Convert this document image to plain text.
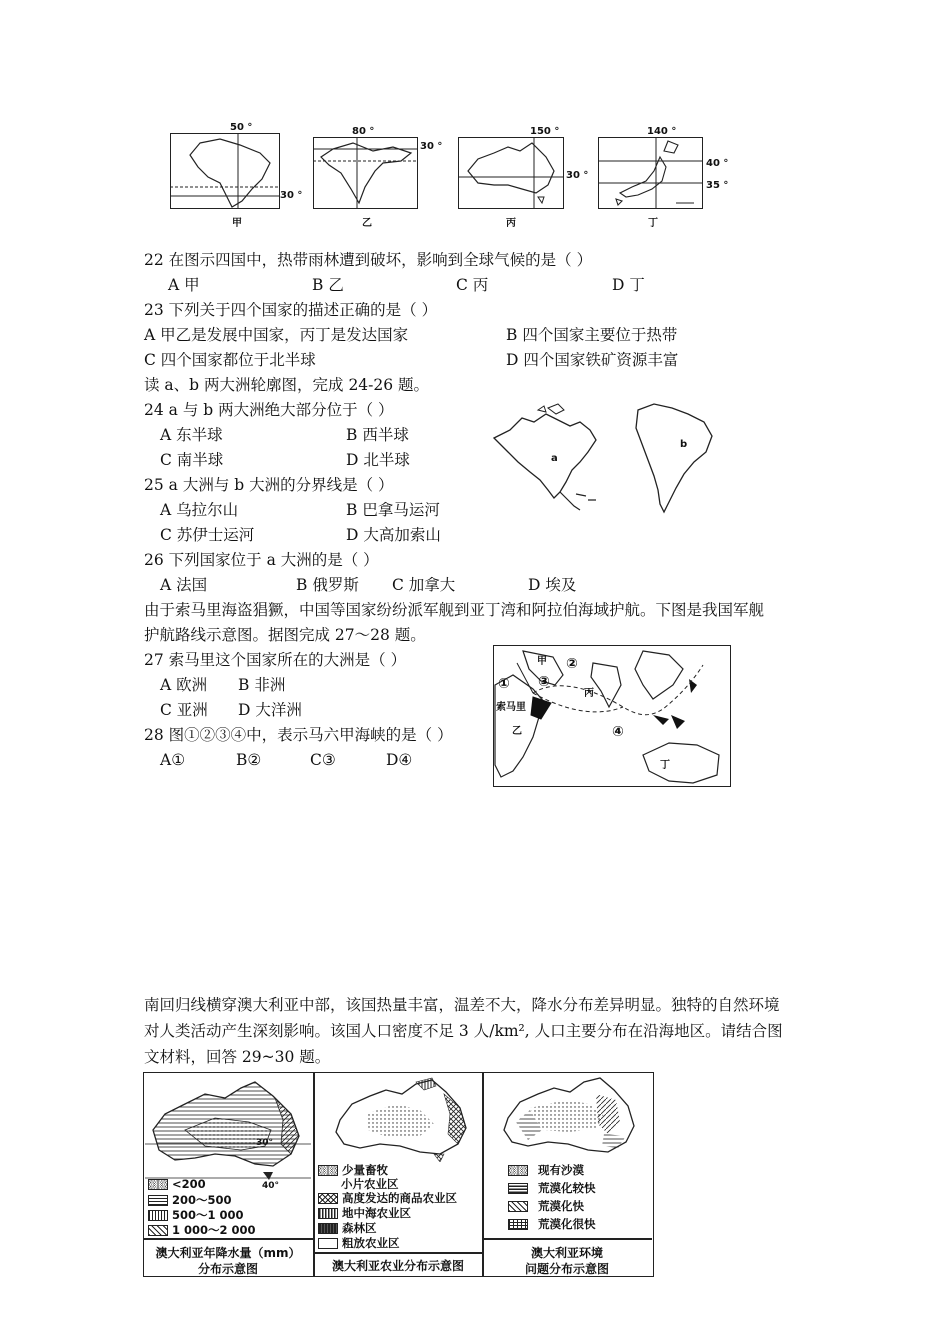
50 °
30 °
甲
80 °
30 °
乙
150 °
30 °
丙
140 °
40 °
35 °
丁
22 在图示四国中，热带雨林遭到破坏，影响到全球气候的是（ ）
A 甲	B 乙	C 丙	D 丁
23 下列关于四个国家的描述正确的是（ ）
A 甲乙是发展中国家，丙丁是发达国家	B 四个国家主要位于热带
C 四个国家都位于北半球	D 四个国家铁矿资源丰富
读 a、b 两大洲轮廓图，完成 24-26 题。
24 a 与 b 两大洲绝大部分位于（ ）
A 东半球	B 西半球
C 南半球	D 北半球
25 a 大洲与 b 大洲的分界线是（ ）
A 乌拉尔山	B 巴拿马运河
C 苏伊士运河	D 大高加索山
26 下列国家位于 a 大洲的是（ ）
A 法国	B 俄罗斯 C 加拿大	D 埃及
a
b
由于索马里海盗猖獗，中国等国家纷纷派军舰到亚丁湾和阿拉伯海域护航。下图是我国军舰
护航路线示意图。据图完成 27～28 题。
27 索马里这个国家所在的大洲是（ ）
A 欧洲 B 非洲
C 亚洲 D 大洋洲
28 图①②③④中，表示马六甲海峡的是（ ）
A①	B②	C③	D④
甲 ②
① ③
丙
索马里
乙	④
丁
南回归线横穿澳大利亚中部，该国热量丰富，温差不大，降水分布差异明显。独特的自然环境
对人类活动产生深刻影响。该国人口密度不足 3 人/km², 人口主要分布在沿海地区。请结合图
文材料，回答 29~30 题。
30°
40°
<200
200～500
500～1 000
1 000～2 000
澳大利亚年降水量（mm）
分布示意图
少量畜牧
小片农业区
高度发达的商品农业区
地中海农业区
森林区
粗放农业区
澳大利亚农业分布示意图
现有沙漠
荒漠化较快
荒漠化快
荒漠化很快
澳大利亚环境
问题分布示意图
